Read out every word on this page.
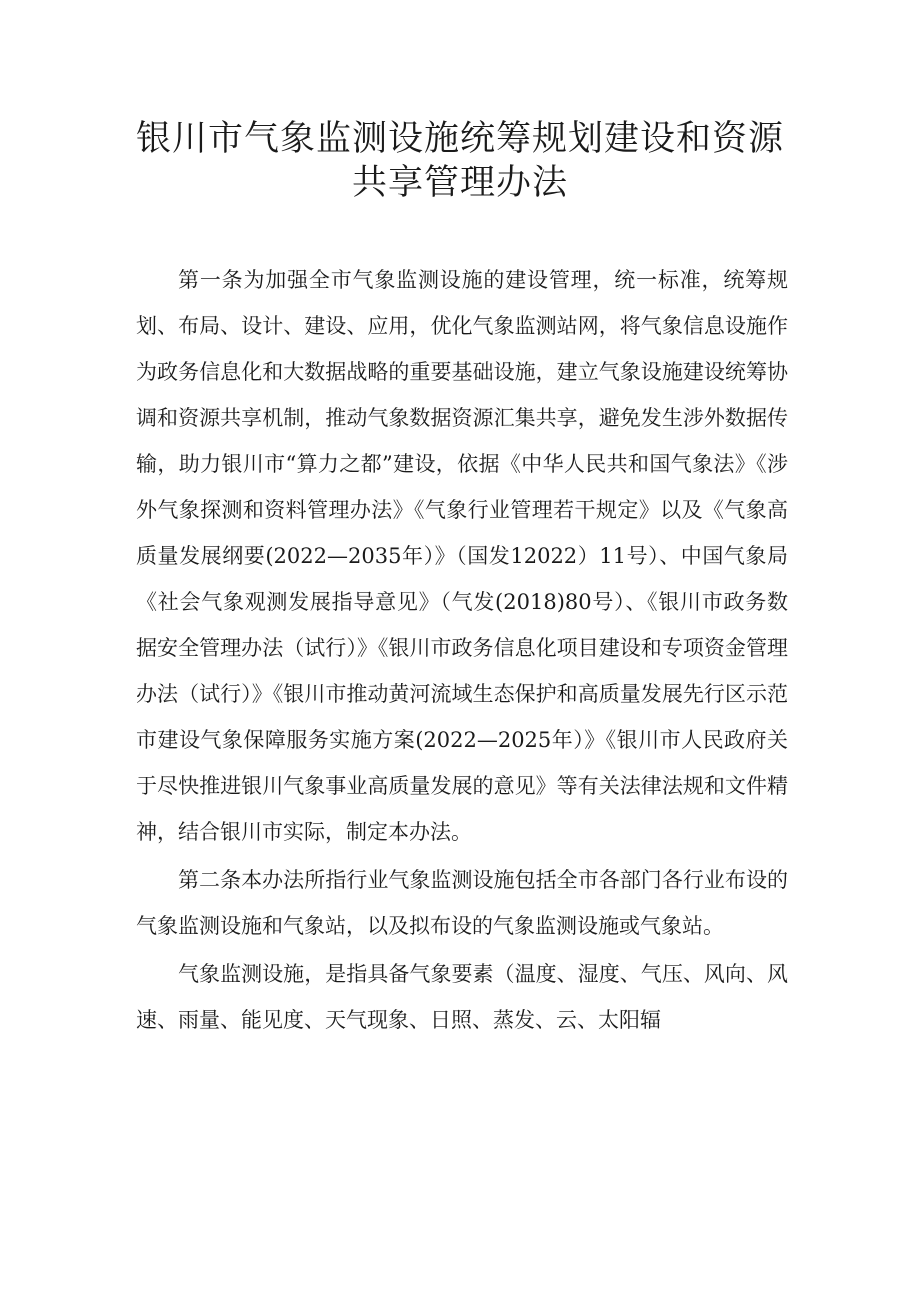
银川市气象监测设施统筹规划建设和资源
共享管理办法

第一条为加强全市气象监测设施的建设管理，统一标准，统筹规划、布局、设计、建设、应用，优化气象监测站网，将气象信息设施作为政务信息化和大数据战略的重要基础设施，建立气象设施建设统筹协调和资源共享机制，推动气象数据资源汇集共享，避免发生涉外数据传输，助力银川市“算力之都”建设，依据《中华人民共和国气象法》《涉外气象探测和资料管理办法》《气象行业管理若干规定》以及《气象高质量发展纲要(2022—2035年）》（国发12022）11号）、中国气象局《社会气象观测发展指导意见》（气发(2018)80号）、《银川市政务数据安全管理办法（试行）》《银川市政务信息化项目建设和专项资金管理办法（试行）》《银川市推动黄河流域生态保护和高质量发展先行区示范市建设气象保障服务实施方案(2022—2025年）》《银川市人民政府关于尽快推进银川气象事业高质量发展的意见》等有关法律法规和文件精神，结合银川市实际，制定本办法。

第二条本办法所指行业气象监测设施包括全市各部门各行业布设的气象监测设施和气象站，以及拟布设的气象监测设施或气象站。

气象监测设施，是指具备气象要素（温度、湿度、气压、风向、风速、雨量、能见度、天气现象、日照、蒸发、云、太阳辐
